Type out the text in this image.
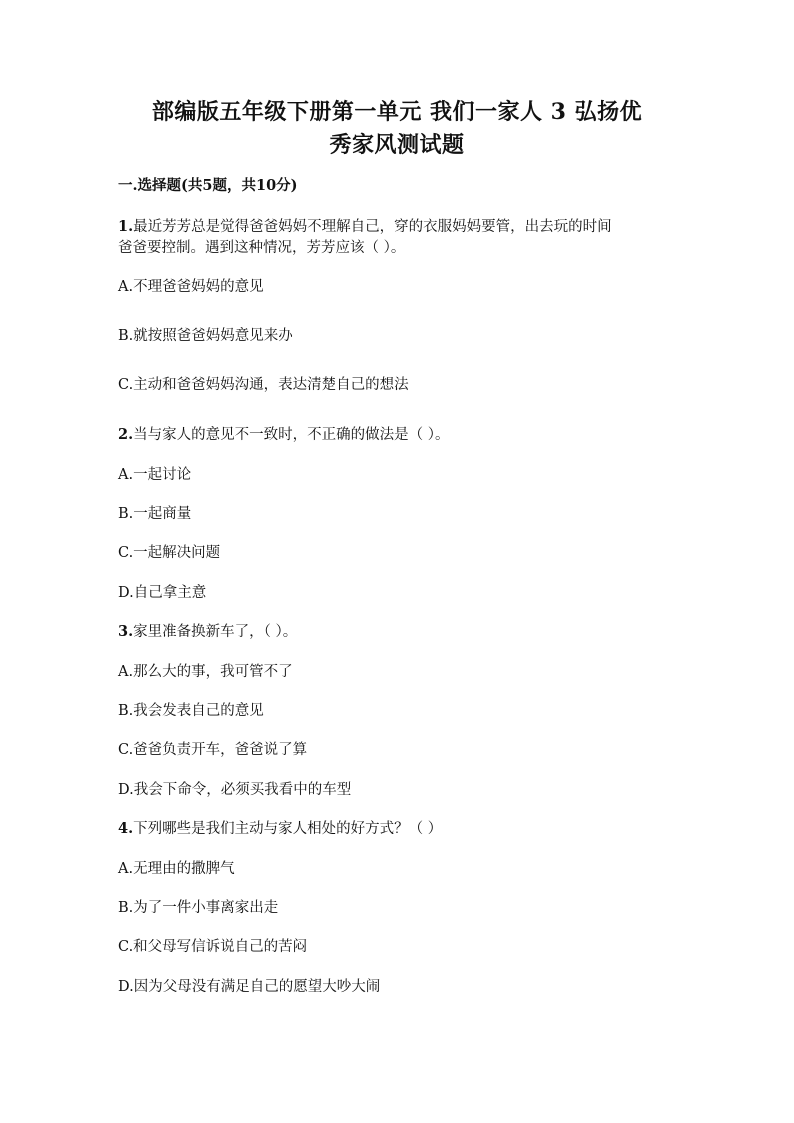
部编版五年级下册第一单元 我们一家人 3 弘扬优
秀家风测试题
一.选择题(共5题，共10分)
1.最近芳芳总是觉得爸爸妈妈不理解自己，穿的衣服妈妈要管，出去玩的时间
爸爸要控制。遇到这种情况，芳芳应该（ ）。
A.不理爸爸妈妈的意见
B.就按照爸爸妈妈意见来办
C.主动和爸爸妈妈沟通，表达清楚自己的想法
2.当与家人的意见不一致时，不正确的做法是（ ）。
A.一起讨论
B.一起商量
C.一起解决问题
D.自己拿主意
3.家里准备换新车了，（ ）。
A.那么大的事，我可管不了
B.我会发表自己的意见
C.爸爸负责开车，爸爸说了算
D.我会下命令，必须买我看中的车型
4.下列哪些是我们主动与家人相处的好方式？（ ）
A.无理由的撒脾气
B.为了一件小事离家出走
C.和父母写信诉说自己的苦闷
D.因为父母没有满足自己的愿望大吵大闹
